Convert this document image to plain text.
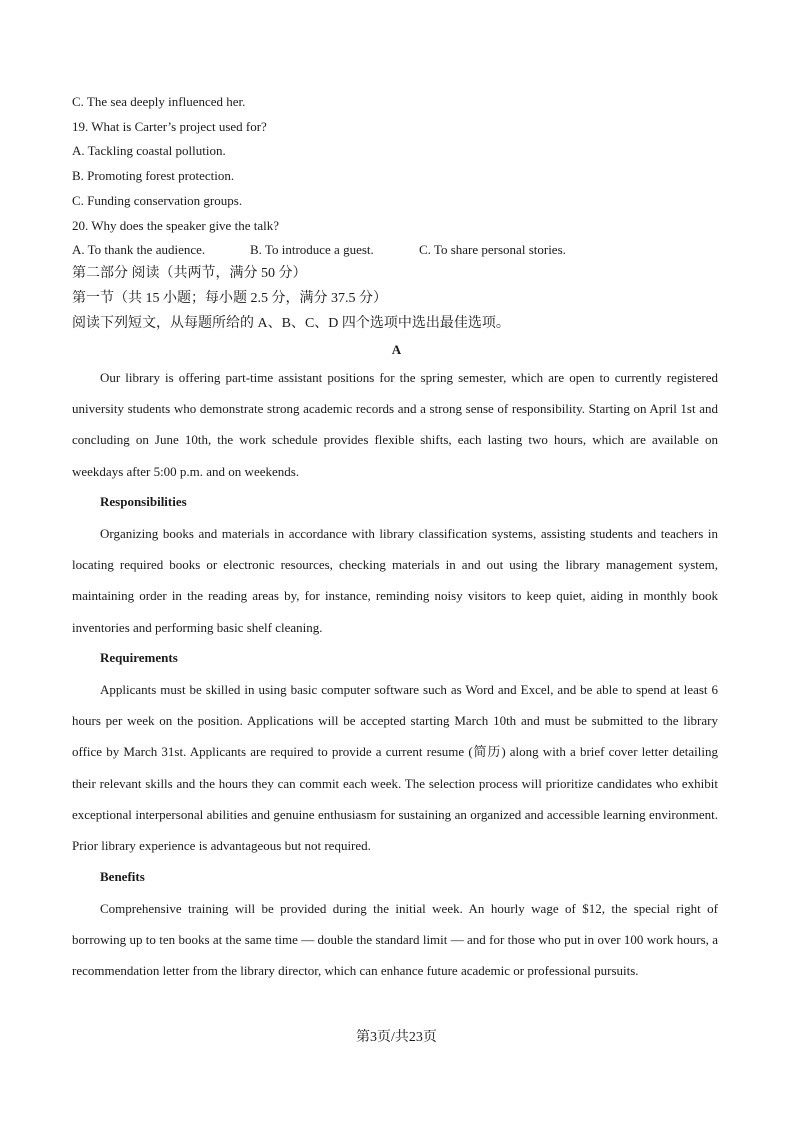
C. The sea deeply influenced her.
19. What is Carter’s project used for?
A. Tackling coastal pollution.
B. Promoting forest protection.
C. Funding conservation groups.
20. Why does the speaker give the talk?
A. To thank the audience.	B. To introduce a guest.	C. To share personal stories.
第二部分 阅读（共两节，满分 50 分）
第一节（共 15 小题；每小题 2.5 分，满分 37.5 分）
阅读下列短文，从每题所给的 A、B、C、D 四个选项中选出最佳选项。
A
Our library is offering part-time assistant positions for the spring semester, which are open to currently registered university students who demonstrate strong academic records and a strong sense of responsibility. Starting on April 1st and concluding on June 10th, the work schedule provides flexible shifts, each lasting two hours, which are available on weekdays after 5:00 p.m. and on weekends.
Responsibilities
Organizing books and materials in accordance with library classification systems, assisting students and teachers in locating required books or electronic resources, checking materials in and out using the library management system, maintaining order in the reading areas by, for instance, reminding noisy visitors to keep quiet, aiding in monthly book inventories and performing basic shelf cleaning.
Requirements
Applicants must be skilled in using basic computer software such as Word and Excel, and be able to spend at least 6 hours per week on the position. Applications will be accepted starting March 10th and must be submitted to the library office by March 31st. Applicants are required to provide a current resume (简历) along with a brief cover letter detailing their relevant skills and the hours they can commit each week. The selection process will prioritize candidates who exhibit exceptional interpersonal abilities and genuine enthusiasm for sustaining an organized and accessible learning environment. Prior library experience is advantageous but not required.
Benefits
Comprehensive training will be provided during the initial week. An hourly wage of $12, the special right of borrowing up to ten books at the same time — double the standard limit — and for those who put in over 100 work hours, a recommendation letter from the library director, which can enhance future academic or professional pursuits.
第3页/共23页
